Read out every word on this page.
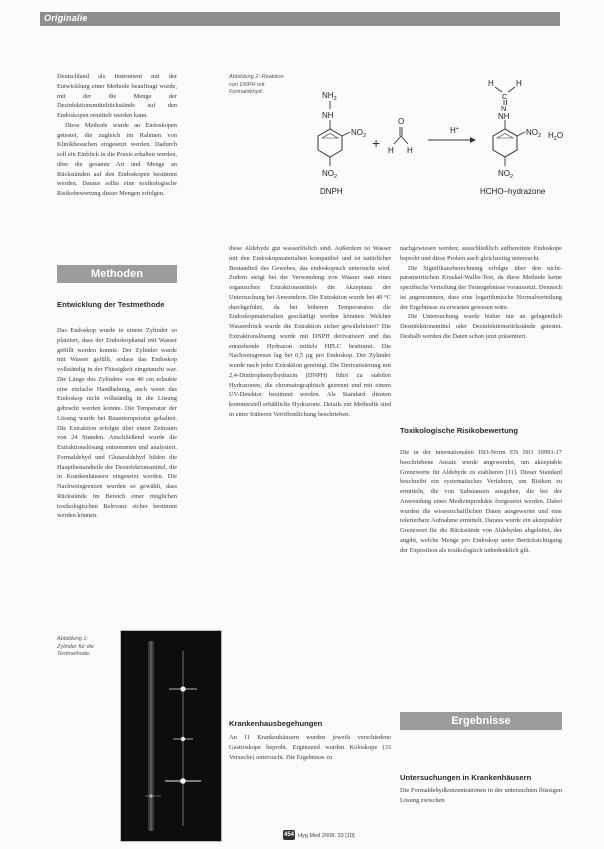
Originalie

Deutschland als Instrument mit der Entwicklung einer Methode beauftragt wurde, mit der die Menge der Desinfektionsmittelrückstände auf den Endoskopen ermittelt werden kann.

Diese Methode wurde an Endoskopen getestet, die zugleich im Rahmen von Klinikbesuchen eingesetzt werden. Dadurch soll ein Einblick in die Praxis erhalten werden, über die gesamte Art und Menge an Rückständen auf den Endoskopen bestimmt werden. Daraus sollte eine toxikologische Risikobewertung dieser Mengen erfolgen.

Methoden
Entwicklung der Testmethode

Das Endoskop wurde in einem Zylinder so platziert, dass der Endoskopkanal mit Wasser gefüllt werden konnte. Der Zylinder wurde mit Wasser gefüllt, sodass das Endoskop vollständig in der Flüssigkeit eingetaucht war. Die Länge des Zylinders von 40 cm erlaubte eine einfache Handhabung, auch wenn das Endoskop nicht vollständig in die Lösung gebracht werden konnte. Die Temperatur der Lösung wurde bei Raumtemperatur gehalten. Die Extraktion erfolgte über einen Zeitraum von 24 Stunden. Anschließend wurde die Extraktionslösung entnommen und analysiert. Formaldehyd und Glutaraldehyd bilden die Hauptbestandteile der Desinfektionsmittel, die in Krankenhäusern eingesetzt werden. Die Nachweisgrenzen wurden so gewählt, dass Rückstände im Bereich einer möglichen toxikologischen Relevanz sicher bestimmt werden können.

Abbildung 2: Reaktion von DNPH mit Formaldehyd.	$NH_2$
NH
$NO_2$
$NO_2$
DNPH
+
O
H H
H+
H	H
C
N
NH
$NO_2$
$NO_2$
$H_2O$
HCHO–hydrazone

diese Aldehyde gut wasserlöslich sind. Außerdem ist Wasser mit den Endoskopmaterialien kompatibel und ist natürlicher Bestandteil des Gewebes, das endoskopisch untersucht wird. Zudem steigt bei der Verwendung von Wasser statt eines organischen Extraktionsmittels die Akzeptanz der Untersuchung bei Anwendern. Die Extraktion wurde bei 40 °C durchgeführt, da bei höheren Temperaturen die Endoskopmaterialien geschädigt werden könnten. Welcher Wasserdruck wurde die Extraktion sicher gewährleistet? Die Extraktionslösung wurde mit DNPH derivatisiert und das entstehende Hydrazon mittels HPLC bestimmt. Die Nachweisgrenze lag bei 0,5 µg pro Endoskop. Der Zylinder wurde nach jeder Extraktion gereinigt. Die Derivatisierung mit 2,4-Dinitrophenylhydrazin (DNPH) führt zu stabilen Hydrazonen, die chromatographisch getrennt und mit einem UV-Detektor bestimmt werden. Als Standard dienten kommerziell erhältliche Hydrazone. Details zur Methodik sind in einer früheren Veröffentlichung beschrieben.

Krankenhausbegehungen

An 11 Krankenhäusern wurden jeweils verschiedene Gastroskope beprobt. Ergänzend wurden Koloskope (33 Versuche) untersucht. Die Ergebnisse zu

nachgewiesen werden; ausschließlich aufbereitete Endoskope beprobt und diese Proben auch gleichzeitig untersucht.

Die Signifikanzberechnung erfolgte über den nicht-parametrischen Kruskal-Wallis-Test, da diese Methode keine spezifische Verteilung der Testergebnisse voraussetzt. Dennoch ist angenommen, dass eine logarithmische Normalverteilung der Ergebnisse zu erwarten gewesen wäre.

Die Untersuchung wurde bisher nur an gelegentlich Desinfektionsmittel oder Desinfektionsrückstände getestet. Deshalb werden die Daten schon jetzt präsentiert.

Toxikologische Risikobewertung

Die in der internationalen ISO-Norm EN ISO 10993-17 beschriebene Ansatz wurde angewendet, um akzeptable Grenzwerte für Aldehyde zu etablieren [11]. Dieser Standard beschreibt ein systematisches Verfahren, um Risiken zu ermitteln, die von Substanzen ausgehen, die bei der Anwendung eines Medizinprodukts freigesetzt werden. Dabei wurden die wissenschaftlichen Daten ausgewertet und eine tolerierbare Aufnahme ermittelt. Daraus wurde ein akzeptabler Grenzwert für die Rückstände von Aldehyden abgeleitet, der angibt, welche Menge pro Endoskop unter Berücksichtigung der Exposition als toxikologisch unbedenklich gilt.

Ergebnisse
Untersuchungen in Krankenhäusern

Die Formaldehydkonzentrationen in der untersuchten flüssigen Lösung zwischen

Abbildung 1: Zylinder für die Testmethode.
454 Hyg Med 2008; 33 [10]
